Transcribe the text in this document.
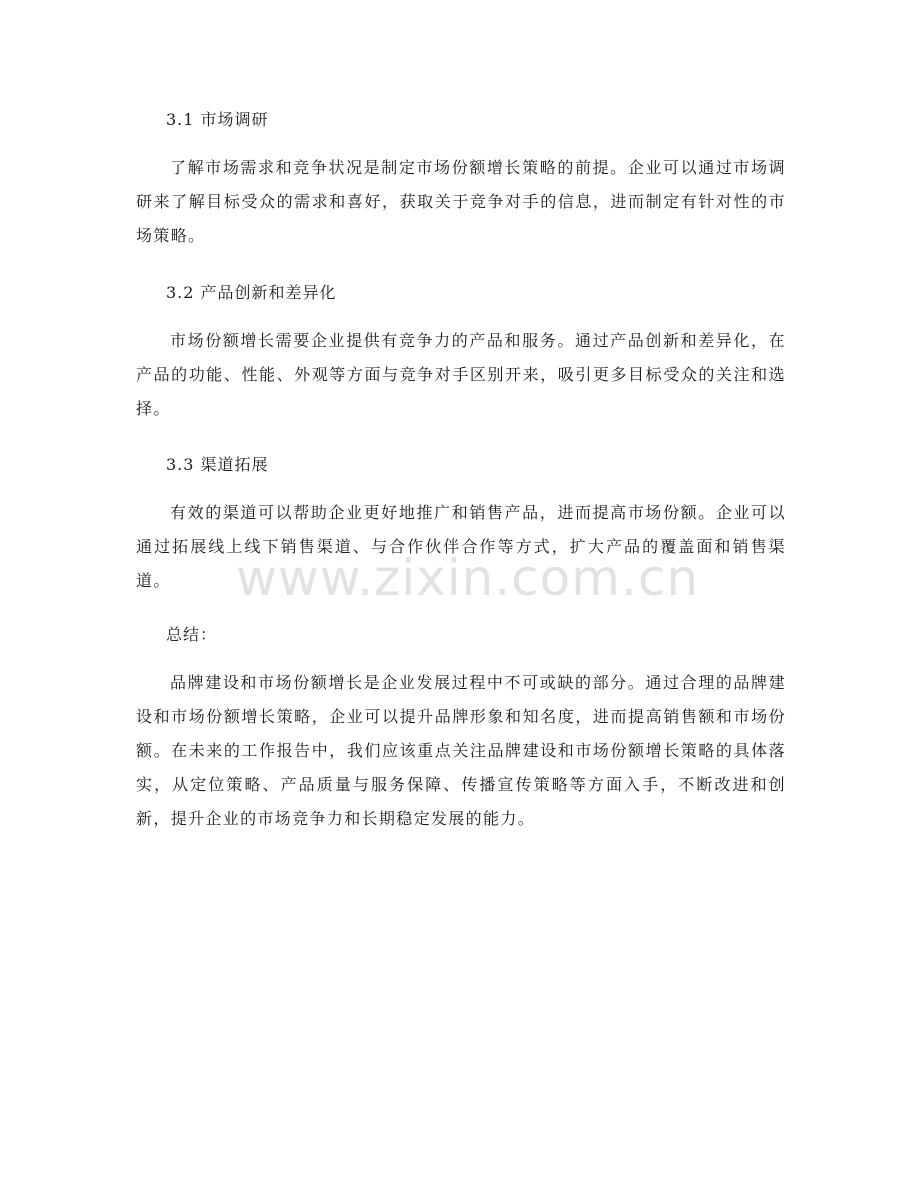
3.1 市场调研

了解市场需求和竞争状况是制定市场份额增长策略的前提。企业可以通过市场调研来了解目标受众的需求和喜好，获取关于竞争对手的信息，进而制定有针对性的市场策略。

3.2 产品创新和差异化

市场份额增长需要企业提供有竞争力的产品和服务。通过产品创新和差异化，在产品的功能、性能、外观等方面与竞争对手区别开来，吸引更多目标受众的关注和选择。

3.3 渠道拓展

有效的渠道可以帮助企业更好地推广和销售产品，进而提高市场份额。企业可以通过拓展线上线下销售渠道、与合作伙伴合作等方式，扩大产品的覆盖面和销售渠道。

总结：

品牌建设和市场份额增长是企业发展过程中不可或缺的部分。通过合理的品牌建设和市场份额增长策略，企业可以提升品牌形象和知名度，进而提高销售额和市场份额。在未来的工作报告中，我们应该重点关注品牌建设和市场份额增长策略的具体落实，从定位策略、产品质量与服务保障、传播宣传策略等方面入手，不断改进和创新，提升企业的市场竞争力和长期稳定发展的能力。

www.zixin.com.cn
